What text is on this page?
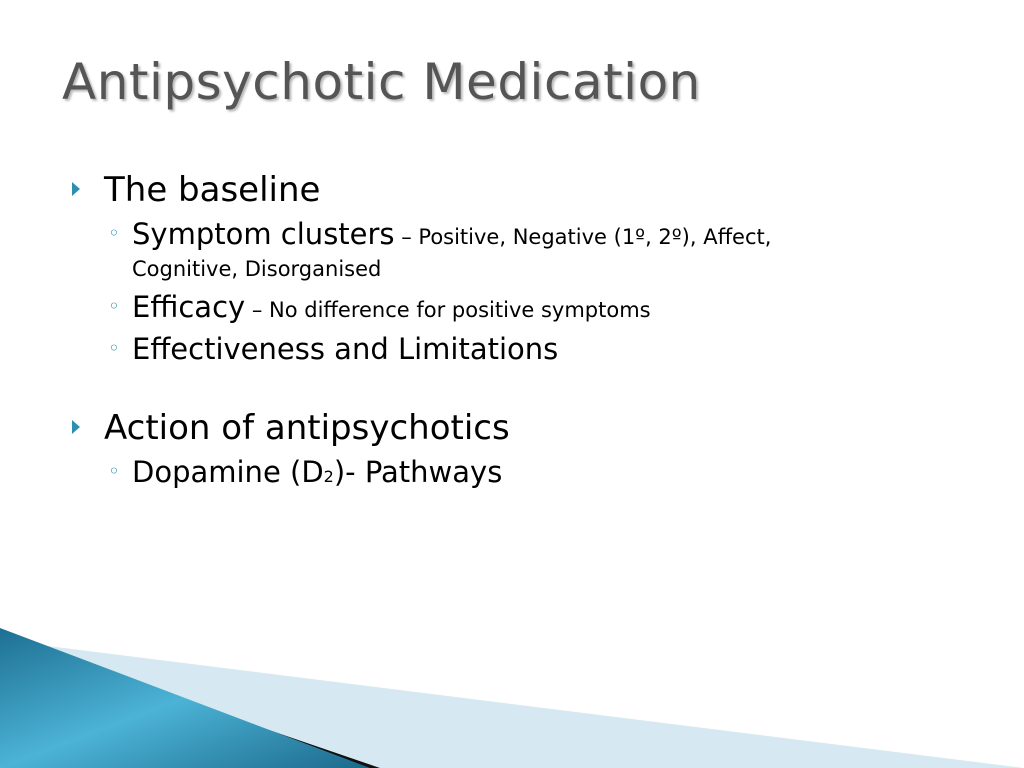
Antipsychotic Medication
The baseline
◦ Symptom clusters – Positive, Negative (1º, 2º), Affect,
Cognitive, Disorganised
◦ Efficacy – No difference for positive symptoms
◦ Effectiveness and Limitations
Action of antipsychotics
◦ Dopamine (D2)- Pathways
